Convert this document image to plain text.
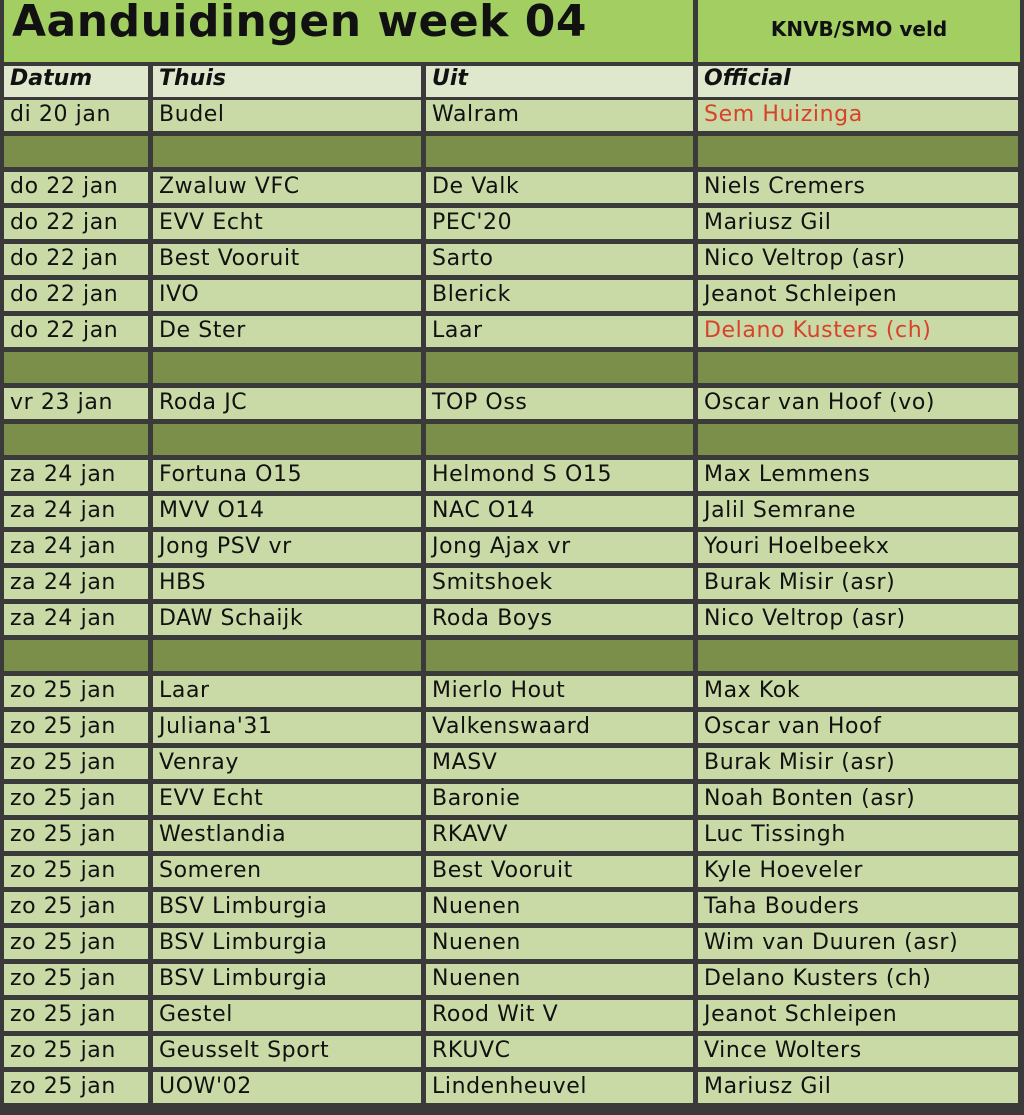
Aanduidingen week 04	KNVB/SMO veld
Datum	Thuis	Uit	Official
di 20 jan	Budel	Walram	Sem Huizinga
do 22 jan	Zwaluw VFC	De Valk	Niels Cremers
do 22 jan	EVV Echt	PEC'20	Mariusz Gil
do 22 jan	Best Vooruit	Sarto	Nico Veltrop (asr)
do 22 jan	IVO	Blerick	Jeanot Schleipen
do 22 jan	De Ster	Laar	Delano Kusters (ch)
vr 23 jan	Roda JC	TOP Oss	Oscar van Hoof (vo)
za 24 jan	Fortuna O15	Helmond S O15	Max Lemmens
za 24 jan	MVV O14	NAC O14	Jalil Semrane
za 24 jan	Jong PSV vr	Jong Ajax vr	Youri Hoelbeekx
za 24 jan	HBS	Smitshoek	Burak Misir (asr)
za 24 jan	DAW Schaijk	Roda Boys	Nico Veltrop (asr)
zo 25 jan	Laar	Mierlo Hout	Max Kok
zo 25 jan	Juliana'31	Valkenswaard	Oscar van Hoof
zo 25 jan	Venray	MASV	Burak Misir (asr)
zo 25 jan	EVV Echt	Baronie	Noah Bonten (asr)
zo 25 jan	Westlandia	RKAVV	Luc Tissingh
zo 25 jan	Someren	Best Vooruit	Kyle Hoeveler
zo 25 jan	BSV Limburgia	Nuenen	Taha Bouders
zo 25 jan	BSV Limburgia	Nuenen	Wim van Duuren (asr)
zo 25 jan	BSV Limburgia	Nuenen	Delano Kusters (ch)
zo 25 jan	Gestel	Rood Wit V	Jeanot Schleipen
zo 25 jan	Geusselt Sport	RKUVC	Vince Wolters
zo 25 jan	UOW'02	Lindenheuvel	Mariusz Gil
